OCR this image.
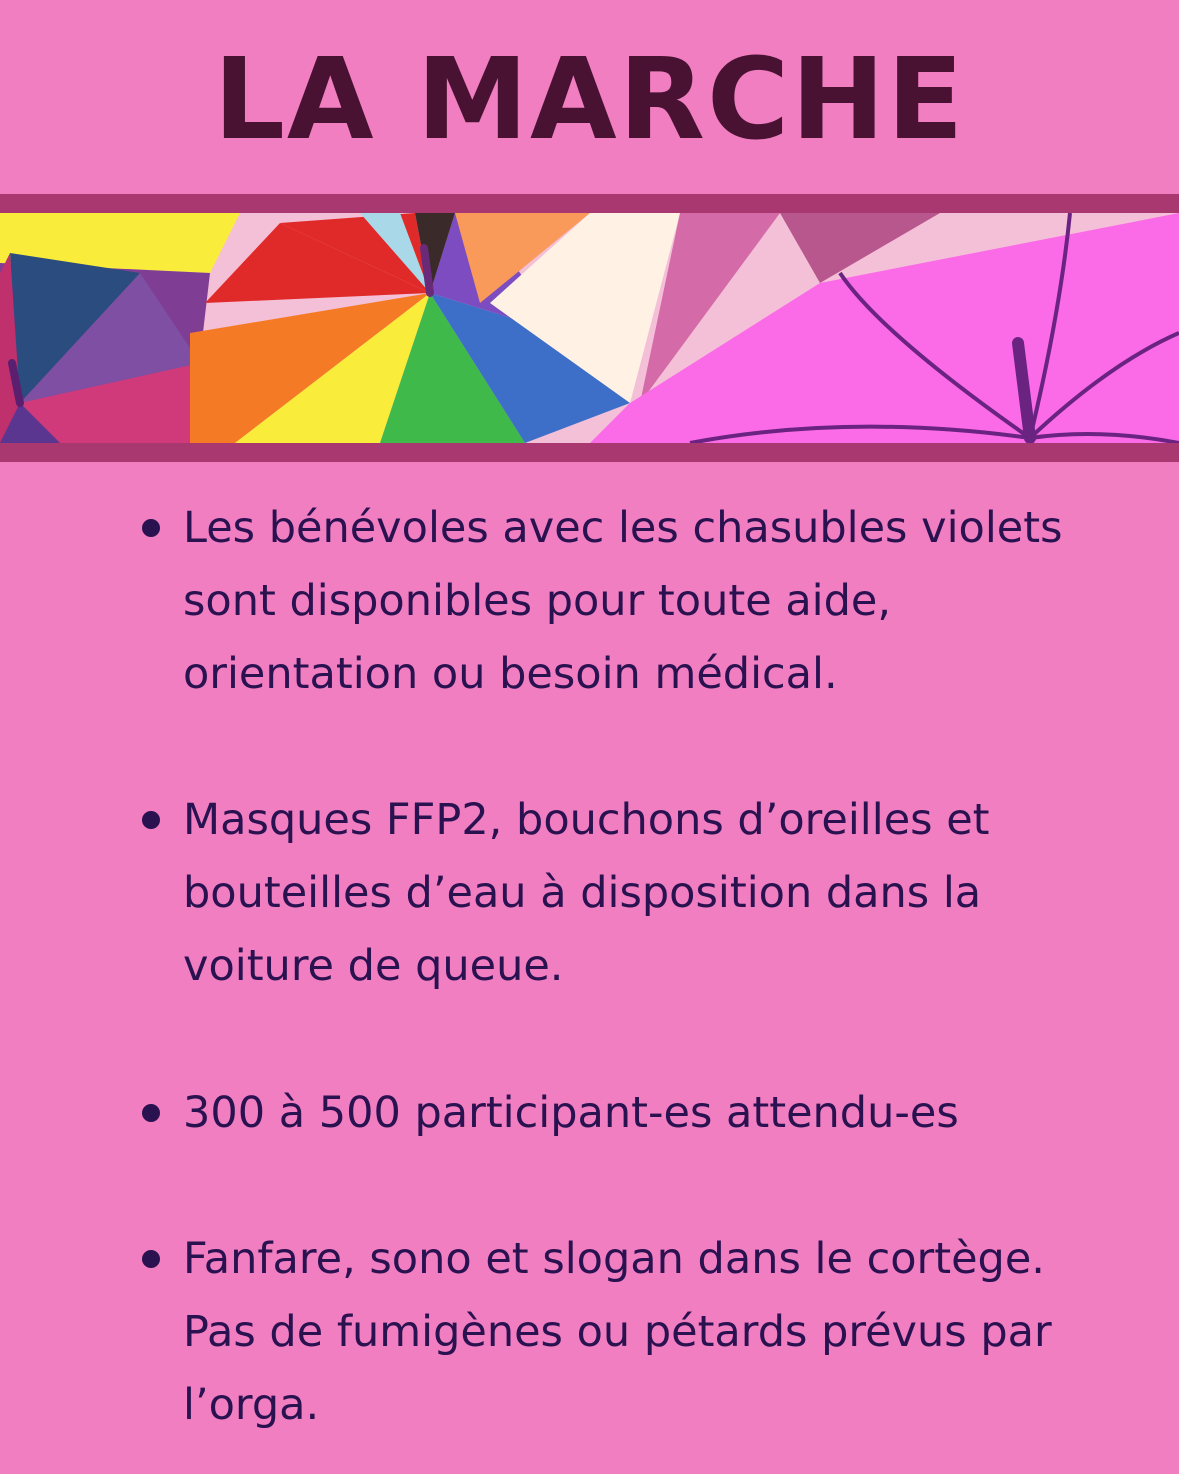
LA MARCHE
Les bénévoles avec les chasubles violets sont disponibles pour toute aide, orientation ou besoin médical.
Masques FFP2, bouchons d’oreilles et bouteilles d’eau à disposition dans la voiture de queue.
300 à 500 participant-es attendu-es
Fanfare, sono et slogan dans le cortège. Pas de fumigènes ou pétards prévus par l’orga.
